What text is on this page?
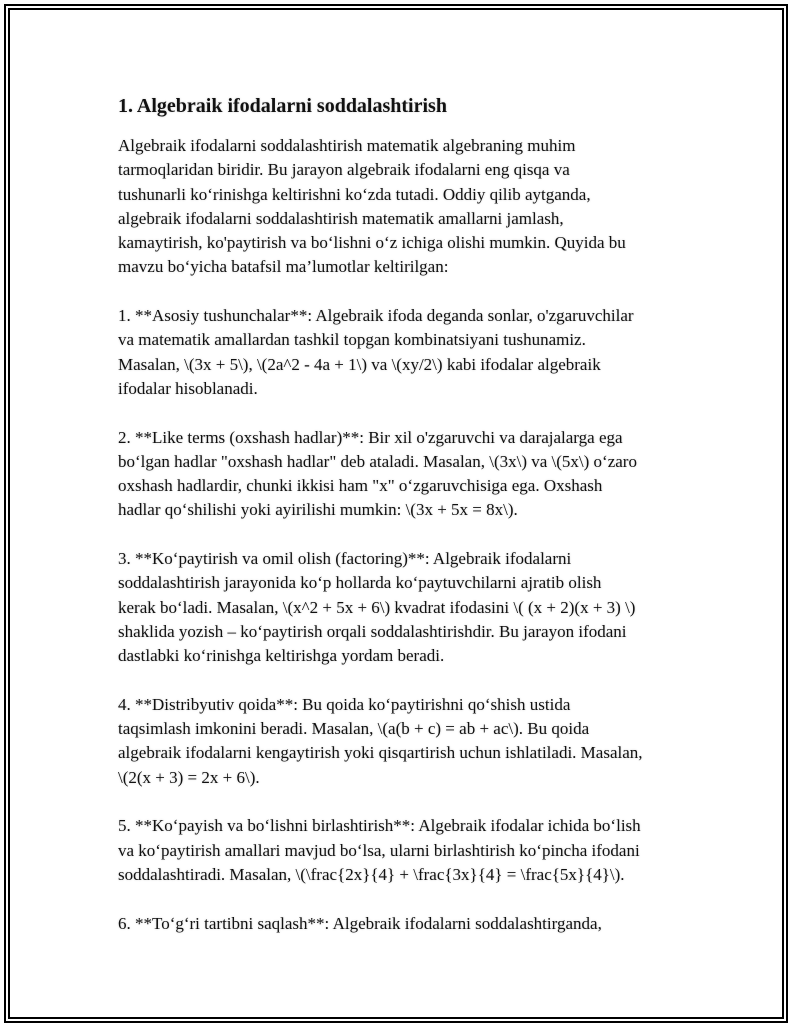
1. Algebraik ifodalarni soddalashtirish
Algebraik ifodalarni soddalashtirish matematik algebraning muhim
tarmoqlaridan biridir. Bu jarayon algebraik ifodalarni eng qisqa va
tushunarli ko‘rinishga keltirishni ko‘zda tutadi. Oddiy qilib aytganda,
algebraik ifodalarni soddalashtirish matematik amallarni jamlash,
kamaytirish, ko'paytirish va bo‘lishni o‘z ichiga olishi mumkin. Quyida bu
mavzu bo‘yicha batafsil ma’lumotlar keltirilgan:
1. **Asosiy tushunchalar**: Algebraik ifoda deganda sonlar, o'zgaruvchilar
va matematik amallardan tashkil topgan kombinatsiyani tushunamiz.
Masalan, \(3x + 5\), \(2a^2 - 4a + 1\) va \(xy/2\) kabi ifodalar algebraik
ifodalar hisoblanadi.
2. **Like terms (oxshash hadlar)**: Bir xil o'zgaruvchi va darajalarga ega
bo‘lgan hadlar "oxshash hadlar" deb ataladi. Masalan, \(3x\) va \(5x\) o‘zaro
oxshash hadlardir, chunki ikkisi ham "x" o‘zgaruvchisiga ega. Oxshash
hadlar qo‘shilishi yoki ayirilishi mumkin: \(3x + 5x = 8x\).
3. **Ko‘paytirish va omil olish (factoring)**: Algebraik ifodalarni
soddalashtirish jarayonida ko‘p hollarda ko‘paytuvchilarni ajratib olish
kerak bo‘ladi. Masalan, \(x^2 + 5x + 6\) kvadrat ifodasini \( (x + 2)(x + 3) \)
shaklida yozish – ko‘paytirish orqali soddalashtirishdir. Bu jarayon ifodani
dastlabki ko‘rinishga keltirishga yordam beradi.
4. **Distribyutiv qoida**: Bu qoida ko‘paytirishni qo‘shish ustida
taqsimlash imkonini beradi. Masalan, \(a(b + c) = ab + ac\). Bu qoida
algebraik ifodalarni kengaytirish yoki qisqartirish uchun ishlatiladi. Masalan,
\(2(x + 3) = 2x + 6\).
5. **Ko‘payish va bo‘lishni birlashtirish**: Algebraik ifodalar ichida bo‘lish
va ko‘paytirish amallari mavjud bo‘lsa, ularni birlashtirish ko‘pincha ifodani
soddalashtiradi. Masalan, \(\frac{2x}{4} + \frac{3x}{4} = \frac{5x}{4}\).
6. **To‘g‘ri tartibni saqlash**: Algebraik ifodalarni soddalashtirganda,
